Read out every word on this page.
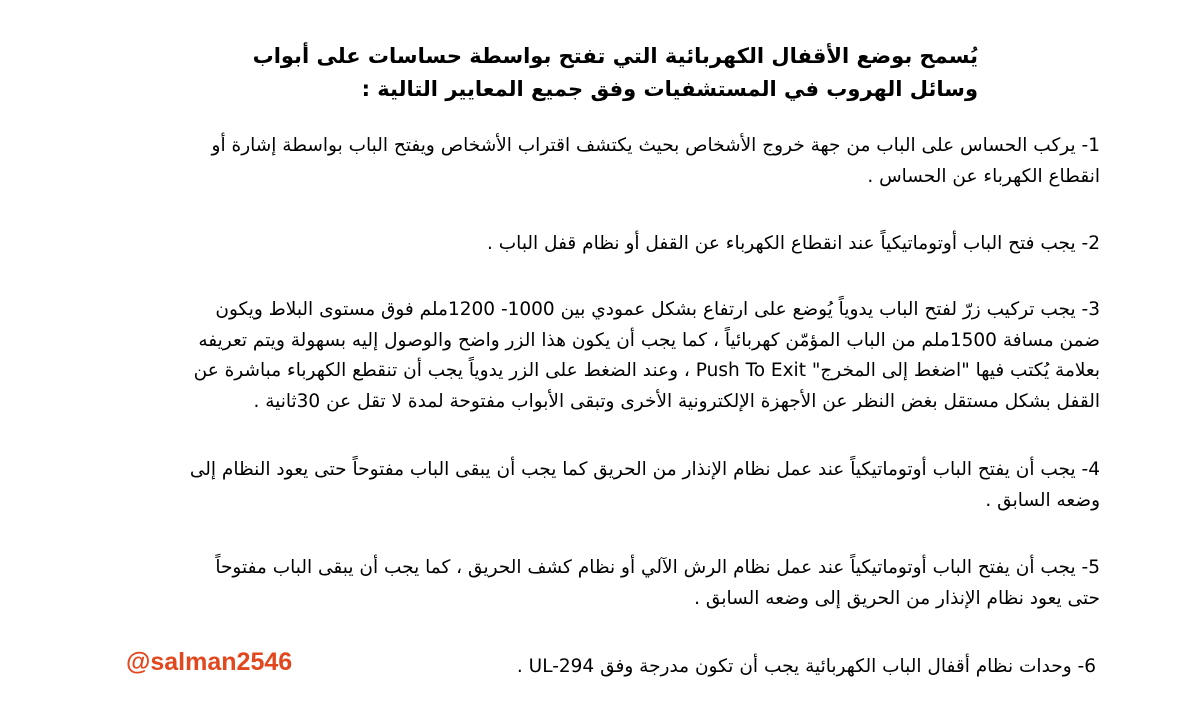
يُسمح بوضع الأقفال الكهربائية التي تفتح بواسطة حساسات على أبواب وسائل الهروب في المستشفيات وفق جميع المعايير التالية :
1- يركب الحساس على الباب من جهة خروج الأشخاص بحيث يكتشف اقتراب الأشخاص ويفتح الباب بواسطة إشارة أو انقطاع الكهرباء عن الحساس .
2- يجب فتح الباب أوتوماتيكياً عند انقطاع الكهرباء عن القفل أو نظام قفل الباب .
3- يجب تركيب زرّ لفتح الباب يدوياً يُوضع على ارتفاع بشكل عمودي بين 1000- 1200ملم فوق مستوى البلاط ويكون ضمن مسافة 1500ملم من الباب المؤمّن كهربائياً ، كما يجب أن يكون هذا الزر واضح والوصول إليه بسهولة ويتم تعريفه بعلامة يُكتب فيها "اضغط إلى المخرج" Push To Exit ، وعند الضغط على الزر يدوياً يجب أن تنقطع الكهرباء مباشرة عن القفل بشكل مستقل بغض النظر عن الأجهزة الإلكترونية الأخرى وتبقى الأبواب مفتوحة لمدة لا تقل عن 30ثانية .
4- يجب أن يفتح الباب أوتوماتيكياً عند عمل نظام الإنذار من الحريق كما يجب أن يبقى الباب مفتوحاً حتى يعود النظام إلى وضعه السابق .
5- يجب أن يفتح الباب أوتوماتيكياً عند عمل نظام الرش الآلي أو نظام كشف الحريق ، كما يجب أن يبقى الباب مفتوحاً حتى يعود نظام الإنذار من الحريق إلى وضعه السابق .
6- وحدات نظام أقفال الباب الكهربائية يجب أن تكون مدرجة وفق UL-294 .
@salman2546
